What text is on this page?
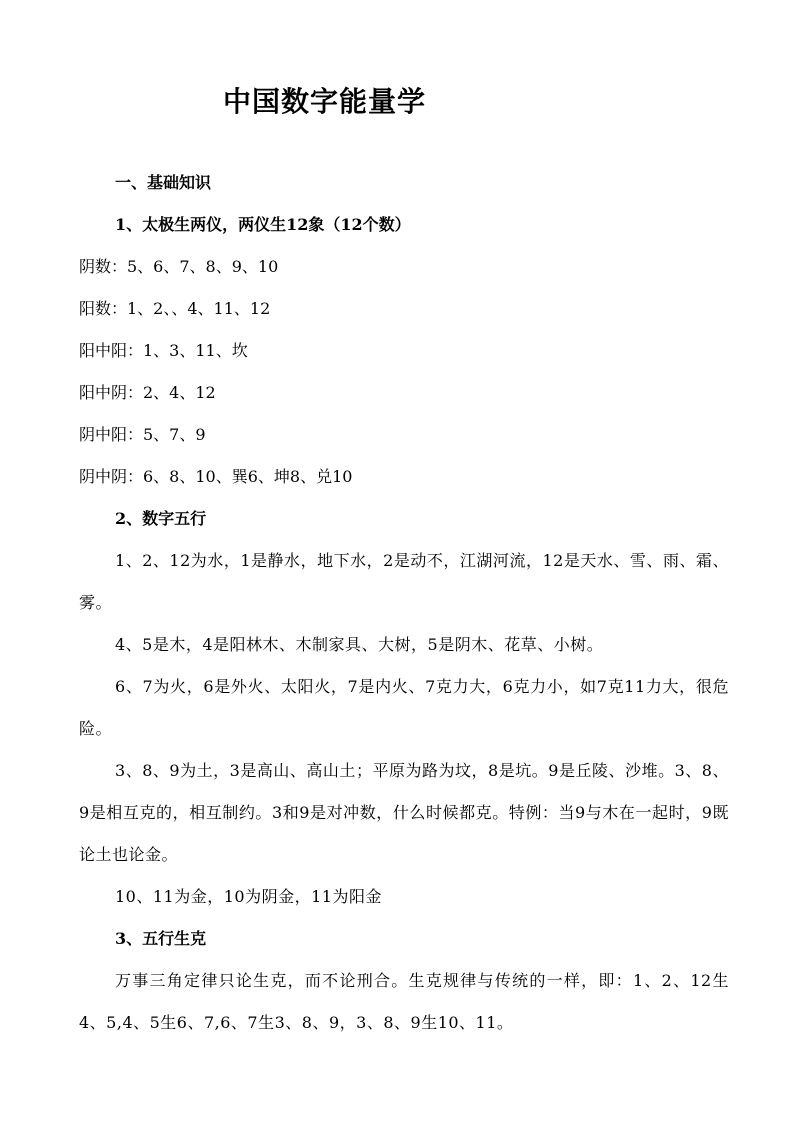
中国数字能量学
一、基础知识
1、太极生两仪，两仪生12象（12个数）
阴数：5、6、7、8、9、10
阳数：1、2、、4、11、12
阳中阳：1、3、11、坎
阳中阴：2、4、12
阴中阳：5、7、9
阴中阴：6、8、10、巽6、坤8、兑10
2、数字五行
1、2、12为水，1是静水，地下水，2是动不，江湖河流，12是天水、雪、雨、霜、雾。
4、5是木，4是阳林木、木制家具、大树，5是阴木、花草、小树。
6、7为火，6是外火、太阳火，7是内火、7克力大，6克力小，如7克11力大，很危险。
3、8、9为土，3是高山、高山土；平原为路为坟，8是坑。9是丘陵、沙堆。3、8、9是相互克的，相互制约。3和9是对冲数，什么时候都克。特例：当9与木在一起时，9既论土也论金。
10、11为金，10为阴金，11为阳金
3、五行生克
万事三角定律只论生克，而不论刑合。生克规律与传统的一样，即：1、2、12生4、5,4、5生6、7,6、7生3、8、9，3、8、9生10、11。
